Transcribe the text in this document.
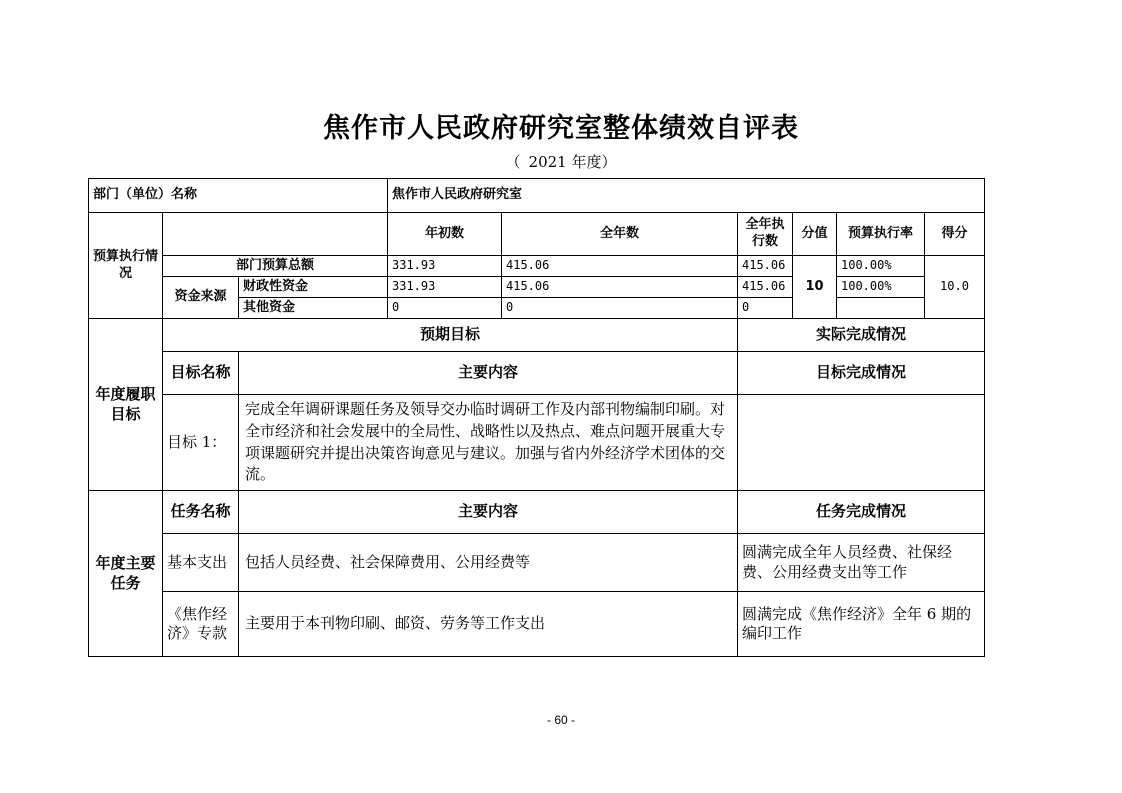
焦作市人民政府研究室整体绩效自评表
（ 2021 年度）
部门（单位）名称			焦作市人民政府研究室					
预算执行情况			年初数	全年数	全年执行数	分值	预算执行率	得分
	部门预算总额		331.93	415.06	415.06	10	100.00%	10.0
	资金来源	财政性资金	331.93	415.06	415.06		100.00%	
		其他资金	0	0	0			
年度履职目标	预期目标				实际完成情况			
	目标名称	主要内容			目标完成情况			
	目标 1：	完成全年调研课题任务及领导交办临时调研工作及内部刊物编制印刷。对全市经济和社会发展中的全局性、战略性以及热点、难点问题开展重大专项课题研究并提出决策咨询意见与建议。加强与省内外经济学术团体的交流。						
年度主要任务	任务名称	主要内容			任务完成情况			
	基本支出	包括人员经费、社会保障费用、公用经费等			圆满完成全年人员经费、社保经费、公用经费支出等工作			
	《焦作经济》专款	主要用于本刊物印刷、邮资、劳务等工作支出			圆满完成《焦作经济》全年 6 期的编印工作			
- 60 -
